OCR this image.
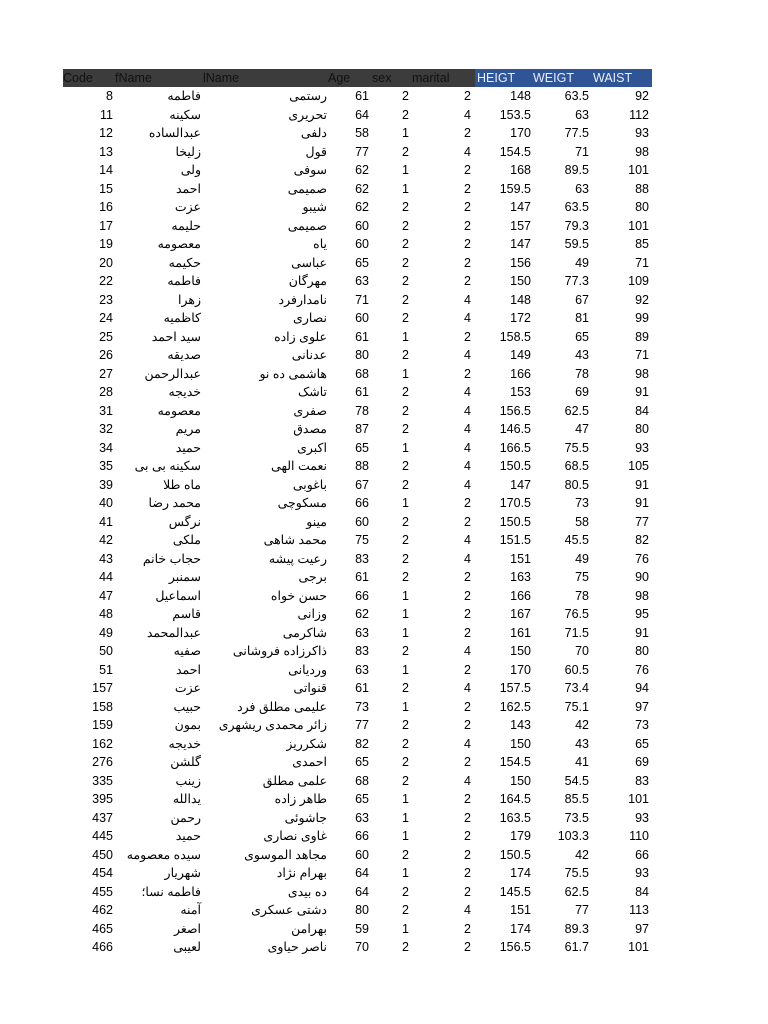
Code	fName	lName	Age	sex	marital	HEIGT	WEIGT	WAIST
8	فاطمه	رستمی	61	2	2	148	63.5	92
11	سکینه	تحریری	64	2	4	153.5	63	112
12	عبدالساده	دلفی	58	1	2	170	77.5	93
13	زلیخا	قول	77	2	4	154.5	71	98
14	ولی	سوفی	62	1	2	168	89.5	101
15	احمد	صمیمی	62	1	2	159.5	63	88
16	عزت	شیبو	62	2	2	147	63.5	80
17	حلیمه	صمیمی	60	2	2	157	79.3	101
19	معصومه	یاه	60	2	2	147	59.5	85
20	حکیمه	عباسی	65	2	2	156	49	71
22	فاطمه	مهرگان	63	2	2	150	77.3	109
23	زهرا	نامدارفرد	71	2	4	148	67	92
24	کاظمیه	نصاری	60	2	4	172	81	99
25	سید احمد	علوی زاده	61	1	2	158.5	65	89
26	صدیقه	عدنانی	80	2	4	149	43	71
27	عبدالرحمن	هاشمی ده نو	68	1	2	166	78	98
28	خدیجه	تاشک	61	2	4	153	69	91
31	معصومه	صفری	78	2	4	156.5	62.5	84
32	مریم	مصدق	87	2	4	146.5	47	80
34	حمید	اکبری	65	1	4	166.5	75.5	93
35	سکینه بی بی	نعمت الهی	88	2	4	150.5	68.5	105
39	ماه طلا	باغوبی	67	2	4	147	80.5	91
40	محمد رضا	مسکوچی	66	1	2	170.5	73	91
41	نرگس	مینو	60	2	2	150.5	58	77
42	ملکی	محمد شاهی	75	2	4	151.5	45.5	82
43	حجاب خانم	رعیت پیشه	83	2	4	151	49	76
44	سمنبر	برجی	61	2	2	163	75	90
47	اسماعیل	حسن خواه	66	1	2	166	78	98
48	قاسم	وزانی	62	1	2	167	76.5	95
49	عبدالمحمد	شاکرمی	63	1	2	161	71.5	91
50	صفیه	ذاکرزاده فروشانی	83	2	4	150	70	80
51	احمد	وردیانی	63	1	2	170	60.5	76
157	عزت	قنواتی	61	2	4	157.5	73.4	94
158	حبیب	علیمی مطلق فرد	73	1	2	162.5	75.1	97
159	بمون	زائر محمدی ریشهری	77	2	2	143	42	73
162	خدیجه	شکرریز	82	2	4	150	43	65
276	گلشن	احمدی	65	2	2	154.5	41	69
335	زینب	علمی مطلق	68	2	4	150	54.5	83
395	یدالله	طاهر زاده	65	1	2	164.5	85.5	101
437	رحمن	جاشوئی	63	1	2	163.5	73.5	93
445	حمید	غاوی نصاری	66	1	2	179	103.3	110
450	سیده معصومه	مجاهد الموسوی	60	2	2	150.5	42	66
454	شهریار	بهرام نژاد	64	1	2	174	75.5	93
455	فاطمه نسا؛	ده بیدی	64	2	2	145.5	62.5	84
462	آمنه	دشتی عسکری	80	2	4	151	77	113
465	اصغر	بهرامن	59	1	2	174	89.3	97
466	لعیبی	ناصر حیاوی	70	2	2	156.5	61.7	101
